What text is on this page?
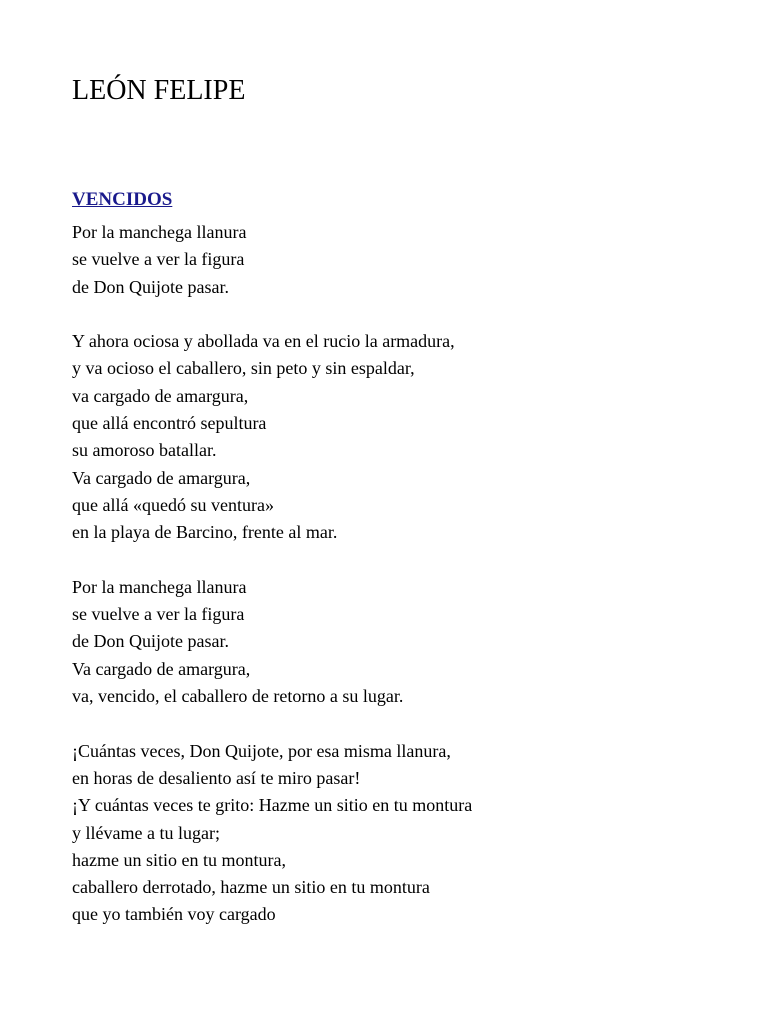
LEÓN FELIPE
VENCIDOS
Por la manchega llanura
se vuelve a ver la figura
de Don Quijote pasar.
Y ahora ociosa y abollada va en el rucio la armadura,
y va ocioso el caballero, sin peto y sin espaldar,
va cargado de amargura,
que allá encontró sepultura
su amoroso batallar.
Va cargado de amargura,
que allá «quedó su ventura»
en la playa de Barcino, frente al mar.
Por la manchega llanura
se vuelve a ver la figura
de Don Quijote pasar.
Va cargado de amargura,
va, vencido, el caballero de retorno a su lugar.
¡Cuántas veces, Don Quijote, por esa misma llanura,
en horas de desaliento así te miro pasar!
¡Y cuántas veces te grito: Hazme un sitio en tu montura
y llévame a tu lugar;
hazme un sitio en tu montura,
caballero derrotado, hazme un sitio en tu montura
que yo también voy cargado
